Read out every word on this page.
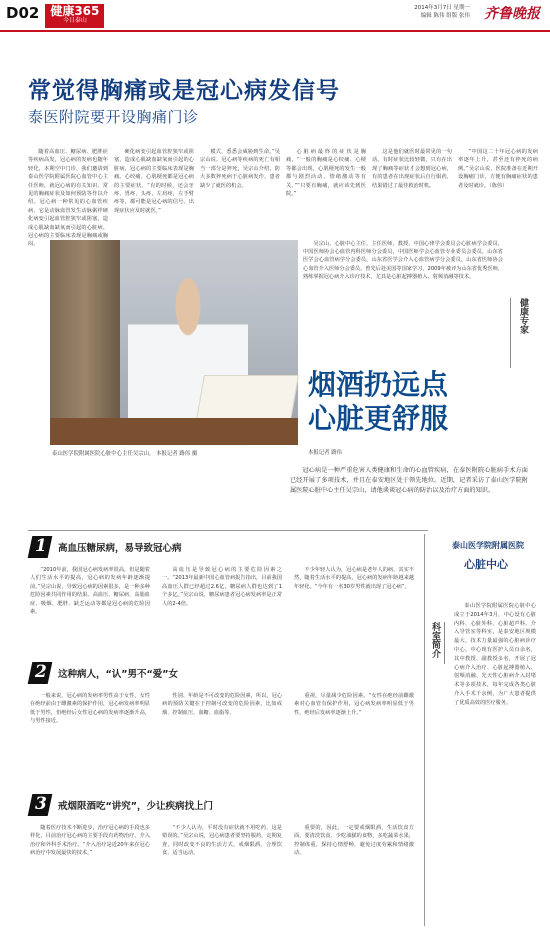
D02 健康365
今日泰山
2014年3月7日 星期一
编辑 陈伟 组版 张伟 齐鲁晚报
常觉得胸痛或是冠心病发信号
泰医附院要开设胸痛门诊

随着高血压、糖尿病、肥胖症等疾病高发，冠心病的发病也随年轻化，本期空中门诊，我们邀请到泰山医学院附属医院心血管中心主任医师，就冠心病的有关知识、常见的胸痛症状及如何预防等作以介绍。冠心病一种常见的心血管疾病，它是动脉血管发生动脉粥样硬化病变引起血管腔狭窄或阻塞，造成心肌缺血缺氧而引起的心脏病。冠心病的主要临床表现是胸痛或胸闷。

硬化病变引起血管腔狭窄或阻塞，造成心肌缺血缺氧而引起的心脏病，冠心病的主要临床表现是胸痛。心绞痛、心肌梗死都是冠心病的主要症状，“有的时候，还会牙疼，胃疼，头疼，左肩疼，左手臂疼等，都可能是冠心病的信号。出现症状应及时就医。”

模式，悉悉会威胁到生命。”吴宗山说。冠心病等疾病的死亡有相当一部分是猝死，吴宗山介绍，防大多数猝死病于心脏病发作，患者缺少了就医的机会。

心脏病最终的症状是胸痛，“一般的胸痛是心绞痛、心梗等都会出现，心肌梗死的发生一般都与剧烈活动、情绪激动等有关。”“只要有胸痛，就应该先到医院。”

这是他们就医时最常见的一句话。有时症状比较轻微，只有在出现了胸痛等症状才会想到冠心病，有的患者在出现症状后自行服药，结果错过了最佳救治时机。

“中国这二十年冠心病的发病率逐年上升，甚至还有猝死的病例。”吴宗山说，医院准备在近期开设胸痛门诊，方便有胸痛症状的患者及时就诊。（陈伟）

泰山医学院附属医院心脏中心主任吴宗山。 本报记者 路伟 摄

吴宗山，心脏中心主任，主任医师，教授，中国心律学会委员会心脏病学会委员，中国医师协会心血管内科医师分会委员，中国医师学会心血管专业委员会委员，山东省医学会心血管病学分会委员，山东省医学会介入心血管病学分会委员，山东省医师协会心血管介入医师分会委员。曾先后赴美国等国家学习，2009年被评为山东省优秀医师，熟练掌握冠心病介入诊疗技术，尤其是心脏起搏器植入、射频消融等技术。

健康专家
烟酒扔远点
心脏更舒服
本报记者 路伟

冠心病是一种严重危害人类健康和生命的心血管疾病，在泰医附院心脏病手术方面已经开展了多项技术，并且在泰安地区处于领先地位。近期，记者采访了泰山医学院附属医院心脏中心主任吴宗山，请他谈谈冠心病的防治以及治疗方面的知识。

1 高血压糖尿病，易导致冠心病

“2010年前，我国冠心病发病率很高，但是随着人们生活水平的提高，冠心病的发病年龄逐渐提前。”吴宗山说，导致冠心病的因素很多，是一种多种危险因素共同作用的结果。高血压、糖尿病、高脂血症、吸烟、肥胖、缺乏运动等都是冠心病的危险因素。

高血压是导致冠心病的主要危险因素之一。“2013年最新中国心血管病报告指出，目前我国高血压人群已经超过2.6亿，糖尿病人群也达到了1个多亿。”吴宗山说，糖尿病患者冠心病发病率是正常人的2-4倍。

不少年轻人认为，冠心病是老年人的病，其实不然，随着生活水平的提高，冠心病的发病年龄越来越年轻化。“今年有一名30岁男性就出现了冠心病”。

2 这种病人，“认”男不“爱”女

一般来说，冠心病的发病率男性高于女性，女性在绝经前由于雌激素的保护作用，冠心病发病率明显低于男性，但绝经后女性冠心病的发病率逐渐升高，与男性接近。

性别、年龄是不可改变的危险因素，所以，冠心病的预防关键在于控制可改变的危险因素，比如戒烟、控制血压、血糖、血脂等。

重视，尽量减少危险因素。“女性在绝经前雌激素对心血管有保护作用，冠心病发病率明显低于男性，绝经后发病率逐渐上升。”

3 戒烟限酒吃“讲究”，少让疾病找上门

随着医疗技术不断进步，治疗冠心病的手段也多样化，目前治疗冠心病的主要手段有药物治疗、介入治疗和外科手术治疗。“介入治疗是近20年来在冠心病治疗中发展最快的技术。”

“不少人认为，平时没有症状就不用吃药，这是错误的。”吴宗山说，冠心病患者要坚持服药，定期复查，同时改变不良的生活方式，戒烟限酒，合理饮食，适当运动。

重要的，因此，一定要戒烟限酒，生活饮食方面，要清淡饮食，少吃油腻的食物，多吃蔬菜水果，控制体重，保持心情舒畅，避免过度劳累和情绪激动。

泰山医学院附属医院
心脏中心
科室简介

泰山医学院附属医院心脏中心成立于2014年3月，中心设有心脏内科、心脏外科、心脏超声科、介入导管室等科室，是泰安地区规模最大、技术力量最强的心脏病诊疗中心。中心现有医护人员百余名，其中教授、副教授多名，开展了冠心病介入治疗、心脏起搏器植入、射频消融、先天性心脏病介入封堵术等多项技术，每年完成各类心脏介入手术千余例，为广大患者提供了优质高效的医疗服务。
